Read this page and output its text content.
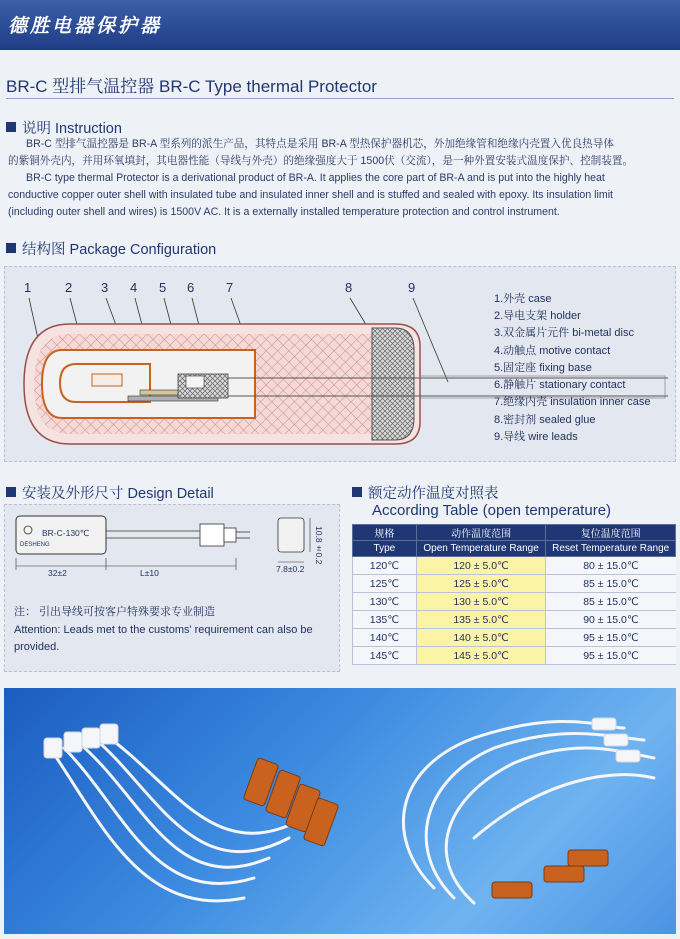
德胜电器保护器
BR-C 型排气温控器 BR-C Type thermal Protector
说明 Instruction
BR-C 型排气温控器是 BR-A 型系列的派生产品，其特点是采用 BR-A 型热保护器机芯，外加绝缘管和绝缘内壳置入优良热导体
的紫铜外壳内，并用环氧填封，其电器性能（导线与外壳）的绝缘强度大于 1500伏（交流），是一种外置安装式温度保护、控制装置。
BR-C type thermal Protector is a derivational product of BR-A. It applies the core part of BR-A and is put into the highly heat
conductive copper outer shell with insulated tube and insulated inner shell and is stuffed and sealed with epoxy. Its insulation limit
(including outer shell and wires) is 1500V AC. It is a externally installed temperature protection and control instrument.
结构图 Package Configuration
1	2 3 4 5 6 7	8	9
1.外壳 case
2.导电支架 holder
3.双金属片元件 bi-metal disc
4.动触点 motive contact
5.固定座 fixing base
6.静触片 stationary contact
7.绝缘内壳 insulation inner case
8.密封剂 sealed glue
9.导线 wire leads
安装及外形尺寸 Design Detail
BR-C-130℃
DESHENG
32±2	L±10	7.8±0.2
10.8±0.2
注： 引出导线可按客户特殊要求专业制造
Attention: Leads met to the customs' requirement can also be
provided.
额定动作温度对照表
According Table (open temperature)
规格	动作温度范围	复位温度范围
Type	Open Temperature Range	Reset Temperature Range
120℃	120 ± 5.0℃	80 ± 15.0℃
125℃	125 ± 5.0℃	85 ± 15.0℃
130℃	130 ± 5.0℃	85 ± 15.0℃
135℃	135 ± 5.0℃	90 ± 15.0℃
140℃	140 ± 5.0℃	95 ± 15.0℃
145℃	145 ± 5.0℃	95 ± 15.0℃
